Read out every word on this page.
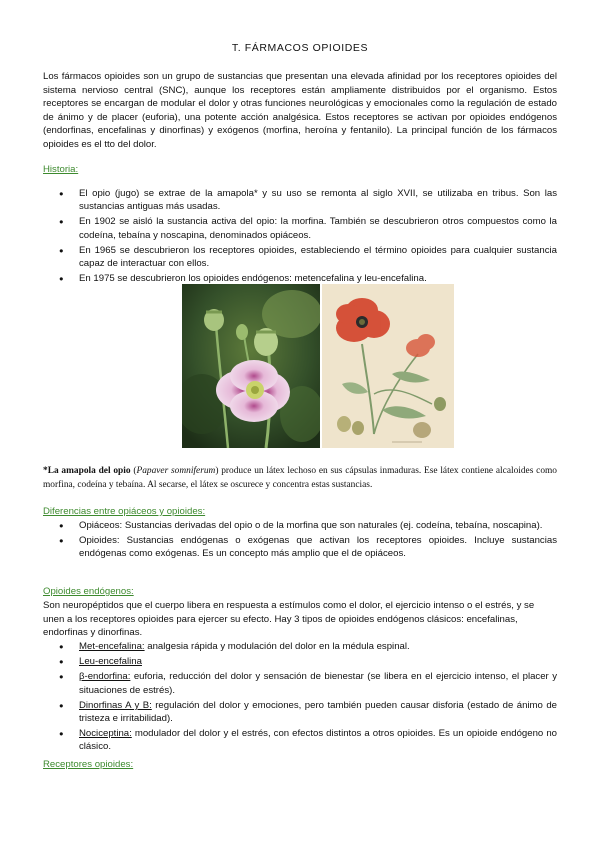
T. FÁRMACOS OPIOIDES

Los fármacos opioides son un grupo de sustancias que presentan una elevada afinidad por los receptores opioides del sistema nervioso central (SNC), aunque los receptores están ampliamente distribuidos por el organismo. Estos receptores se encargan de modular el dolor y otras funciones neurológicas y emocionales como la regulación de estado de ánimo y de placer (euforia), una potente acción analgésica. Estos receptores se activan por opioides endógenos (endorfinas, encefalinas y dinorfinas) y exógenos (morfina, heroína y fentanilo). La principal función de los fármacos opioides es el tto del dolor.

Historia:

● El opio (jugo) se extrae de la amapola* y su uso se remonta al siglo XVII, se utilizaba en tribus. Son las sustancias antiguas más usadas.
● En 1902 se aisló la sustancia activa del opio: la morfina. También se descubrieron otros compuestos como la codeína, tebaína y noscapina, denominados opiáceos.
● En 1965 se descubrieron los receptores opioides, estableciendo el término opioides para cualquier sustancia capaz de interactuar con ellos.
● En 1975 se descubrieron los opioides endógenos: metencefalina y leu-encefalina.

*La amapola del opio (Papaver somniferum) produce un látex lechoso en sus cápsulas inmaduras. Ese látex contiene alcaloides como morfina, codeína y tebaína. Al secarse, el látex se oscurece y concentra estas sustancias.

Diferencias entre opiáceos y opioides:

● Opiáceos: Sustancias derivadas del opio o de la morfina que son naturales (ej. codeína, tebaína, noscapina).
● Opioides: Sustancias endógenas o exógenas que activan los receptores opioides. Incluye sustancias endógenas como exógenas. Es un concepto más amplio que el de opiáceos.

Opioides endógenos:

Son neuropéptidos que el cuerpo libera en respuesta a estímulos como el dolor, el ejercicio intenso o el estrés, y se unen a los receptores opioides para ejercer su efecto. Hay 3 tipos de opioides endógenos clásicos: encefalinas, endorfinas y dinorfinas.

● Met-encefalina: analgesia rápida y modulación del dolor en la médula espinal.
● Leu-encefalina
● β-endorfina: euforia, reducción del dolor y sensación de bienestar (se libera en el ejercicio intenso, el placer y situaciones de estrés).
● Dinorfinas A y B: regulación del dolor y emociones, pero también pueden causar disforia (estado de ánimo de tristeza e irritabilidad).
● Nociceptina: modulador del dolor y el estrés, con efectos distintos a otros opioides. Es un opioide endógeno no clásico.

Receptores opioides:
